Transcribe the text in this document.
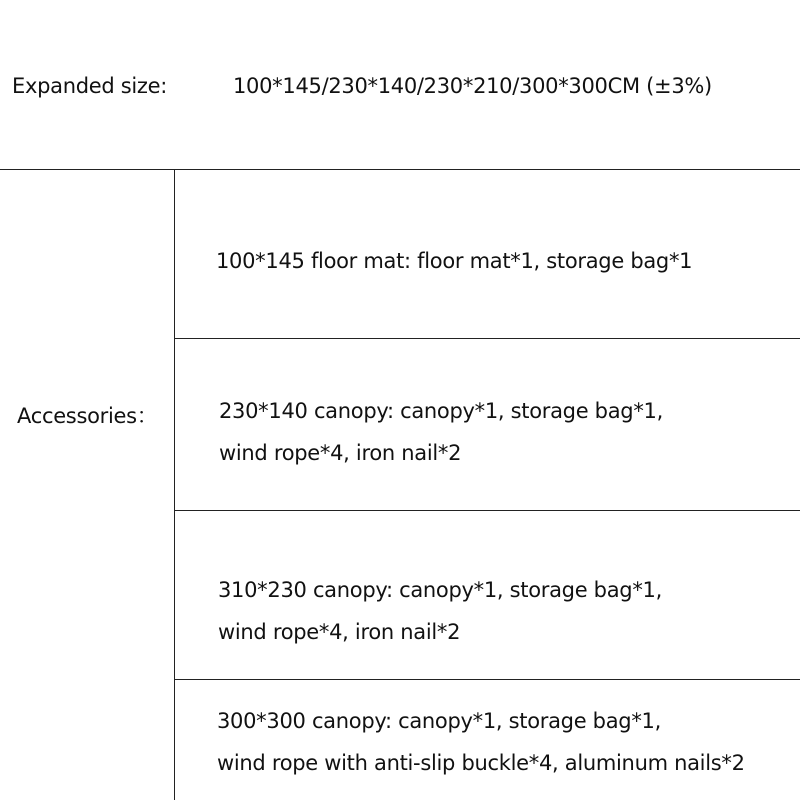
Expanded size:	100*145/230*140/230*210/300*300CM (±3%)
Accessories：
100*145 floor mat: floor mat*1, storage bag*1
230*140 canopy: canopy*1, storage bag*1,
wind rope*4, iron nail*2
310*230 canopy: canopy*1, storage bag*1,
wind rope*4, iron nail*2
300*300 canopy: canopy*1, storage bag*1,
wind rope with anti-slip buckle*4, aluminum nails*2
